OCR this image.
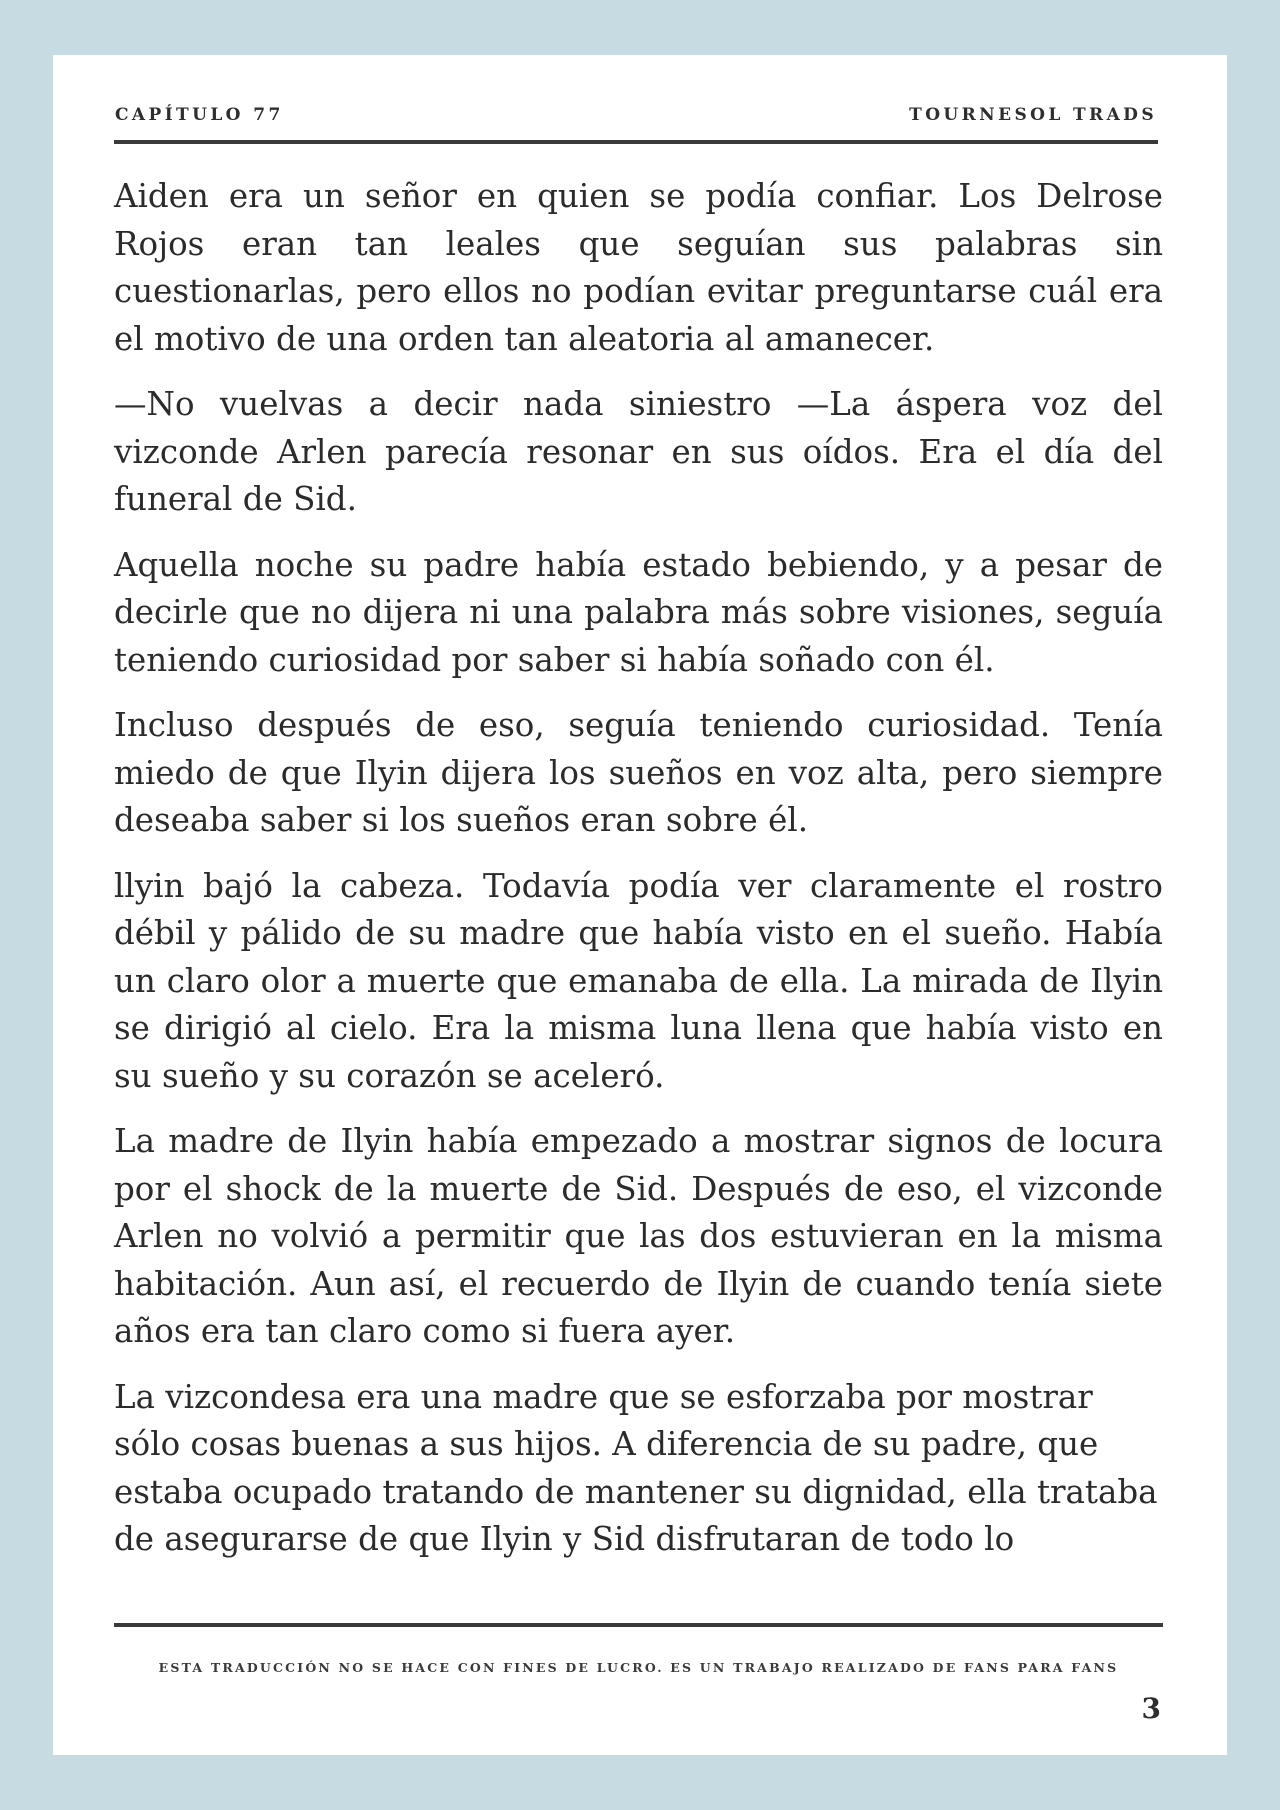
CAPÍTULO 77	TOURNESOL TRADS

Aiden era un señor en quien se podía confiar. Los Delrose Rojos eran tan leales que seguían sus palabras sin cuestionarlas, pero ellos no podían evitar preguntarse cuál era el motivo de una orden tan aleatoria al amanecer.

—No vuelvas a decir nada siniestro —La áspera voz del vizconde Arlen parecía resonar en sus oídos. Era el día del funeral de Sid.

Aquella noche su padre había estado bebiendo, y a pesar de decirle que no dijera ni una palabra más sobre visiones, seguía teniendo curiosidad por saber si había soñado con él.

Incluso después de eso, seguía teniendo curiosidad. Tenía miedo de que Ilyin dijera los sueños en voz alta, pero siempre deseaba saber si los sueños eran sobre él.

llyin bajó la cabeza. Todavía podía ver claramente el rostro débil y pálido de su madre que había visto en el sueño. Había un claro olor a muerte que emanaba de ella. La mirada de Ilyin se dirigió al cielo. Era la misma luna llena que había visto en su sueño y su corazón se aceleró.

La madre de Ilyin había empezado a mostrar signos de locura por el shock de la muerte de Sid. Después de eso, el vizconde Arlen no volvió a permitir que las dos estuvieran en la misma habitación. Aun así, el recuerdo de Ilyin de cuando tenía siete años era tan claro como si fuera ayer.

La vizcondesa era una madre que se esforzaba por mostrar sólo cosas buenas a sus hijos. A diferencia de su padre, que estaba ocupado tratando de mantener su dignidad, ella trataba de asegurarse de que Ilyin y Sid disfrutaran de todo lo

ESTA TRADUCCIÓN NO SE HACE CON FINES DE LUCRO. ES UN TRABAJO REALIZADO DE FANS PARA FANS
3
